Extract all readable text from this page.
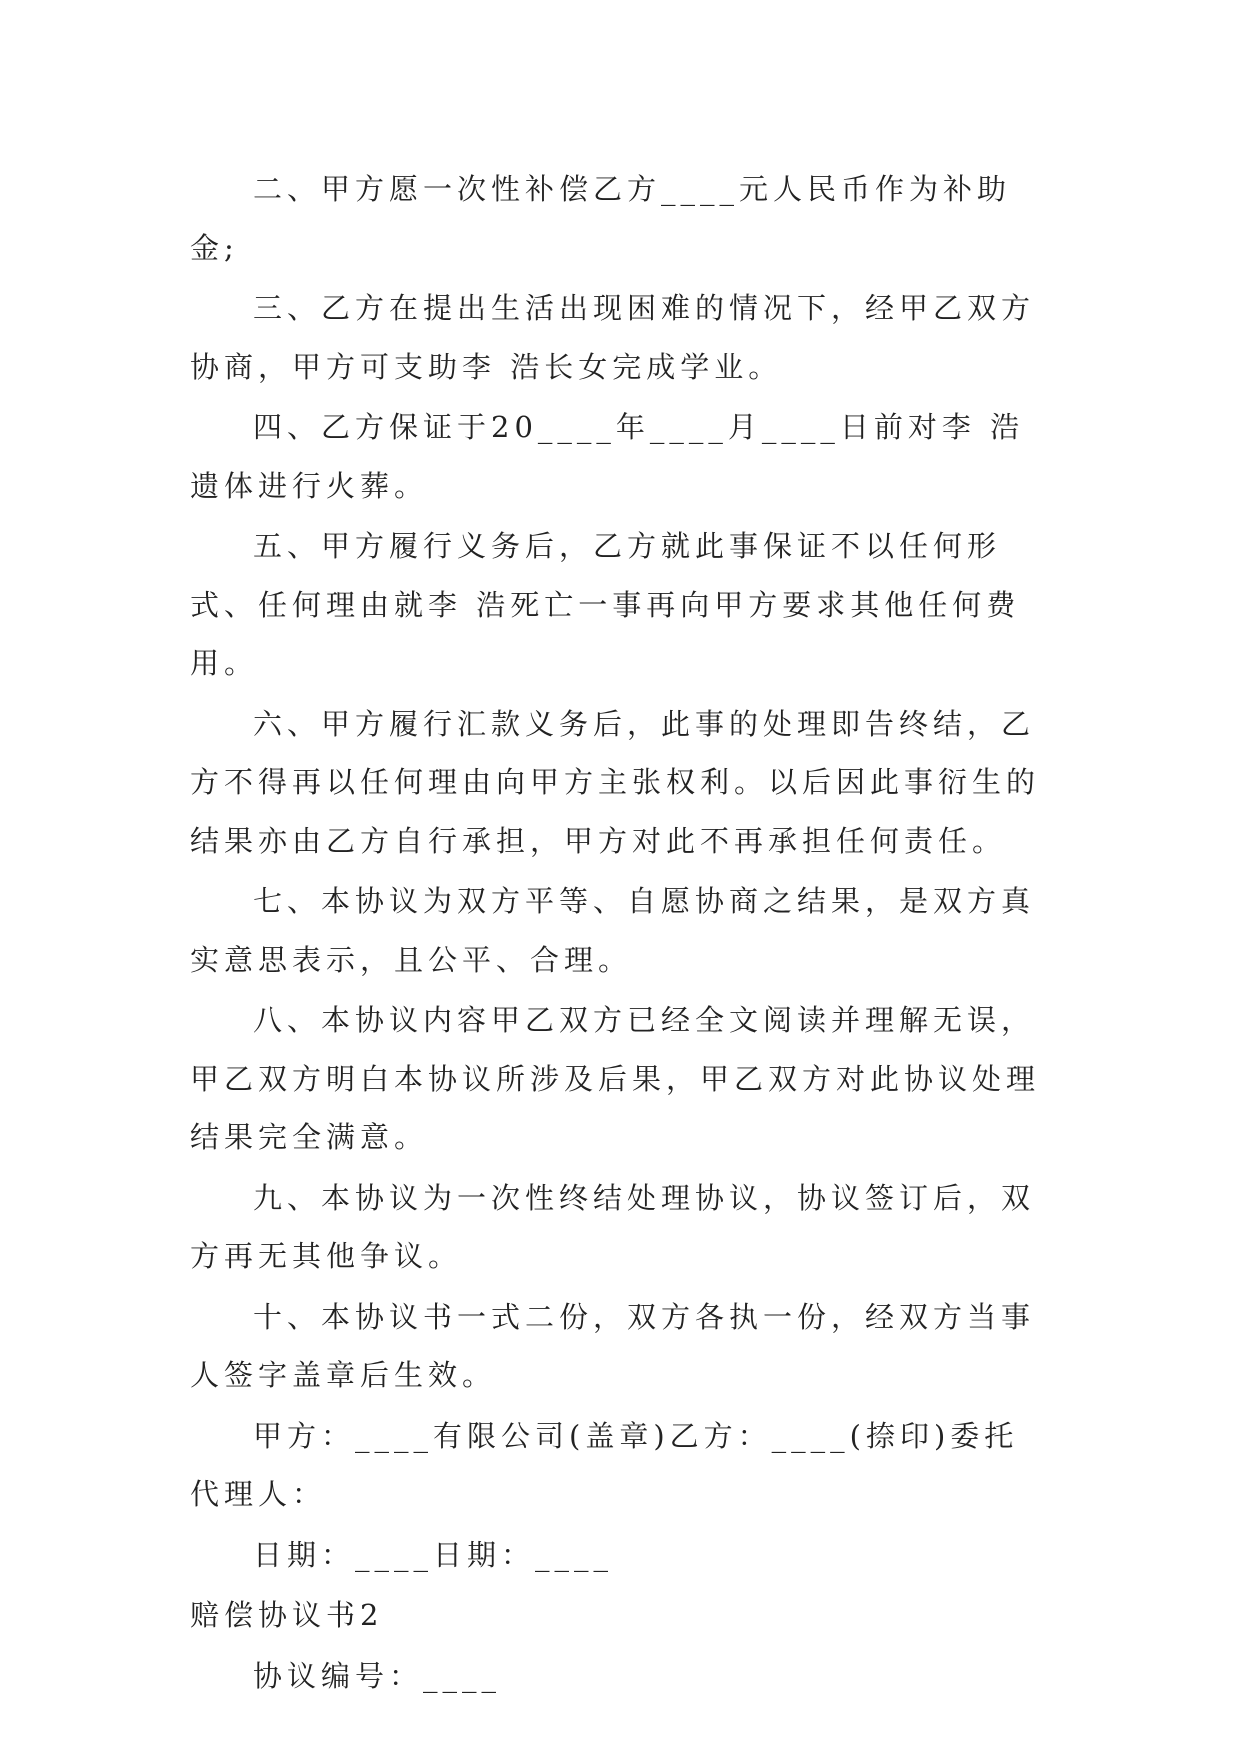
二、甲方愿一次性补偿乙方____元人民币作为补助金;

三、乙方在提出生活出现困难的情况下，经甲乙双方协商，甲方可支助李 浩长女完成学业。

四、乙方保证于20____年____月____日前对李 浩遗体进行火葬。

五、甲方履行义务后，乙方就此事保证不以任何形式、任何理由就李 浩死亡一事再向甲方要求其他任何费用。

六、甲方履行汇款义务后，此事的处理即告终结，乙方不得再以任何理由向甲方主张权利。以后因此事衍生的结果亦由乙方自行承担，甲方对此不再承担任何责任。

七、本协议为双方平等、自愿协商之结果，是双方真实意思表示，且公平、合理。

八、本协议内容甲乙双方已经全文阅读并理解无误，甲乙双方明白本协议所涉及后果，甲乙双方对此协议处理结果完全满意。

九、本协议为一次性终结处理协议，协议签订后，双方再无其他争议。

十、本协议书一式二份，双方各执一份，经双方当事人签字盖章后生效。

甲方：____有限公司(盖章)乙方：____(捺印)委托代理人：

日期：____日期：____

赔偿协议书2

协议编号：____
